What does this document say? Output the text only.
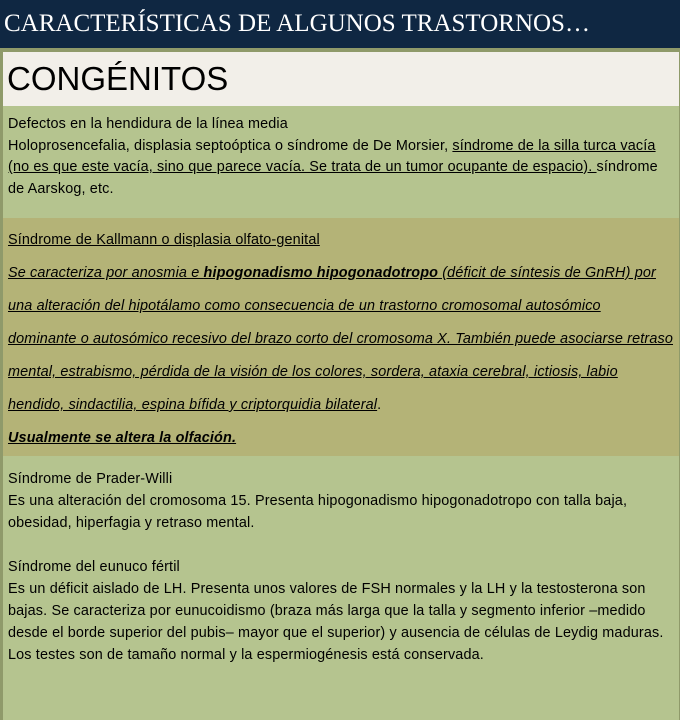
CARACTERÍSTICAS DE ALGUNOS TRASTORNOS…
CONGÉNITOS
Defectos en la hendidura de la línea media
Holoprosencefalia, displasia septoóptica o síndrome de De Morsier, síndrome de la silla turca vacía (no es que este vacía, sino que parece vacía. Se trata de un tumor ocupante de espacio). síndrome de Aarskog, etc.
Síndrome de Kallmann o displasia olfato-genital
Se caracteriza por anosmia e hipogonadismo hipogonadotropo (déficit de síntesis de GnRH) por una alteración del hipotálamo como consecuencia de un trastorno cromosomal autosómico dominante o autosómico recesivo del brazo corto del cromosoma X. También puede asociarse retraso mental, estrabismo, pérdida de la visión de los colores, sordera, ataxia cerebral, ictiosis, labio hendido, sindactilia, espina bífida y criptorquidia bilateral.
Usualmente se altera la olfación.
Síndrome de Prader-Willi
Es una alteración del cromosoma 15. Presenta hipogonadismo hipogonadotropo con talla baja, obesidad, hiperfagia y retraso mental.
Síndrome del eunuco fértil
Es un déficit aislado de LH. Presenta unos valores de FSH normales y la LH y la testosterona son bajas. Se caracteriza por eunucoidismo (braza más larga que la talla y segmento inferior –medido desde el borde superior del pubis– mayor que el superior) y ausencia de células de Leydig maduras. Los testes son de tamaño normal y la espermiogénesis está conservada.
